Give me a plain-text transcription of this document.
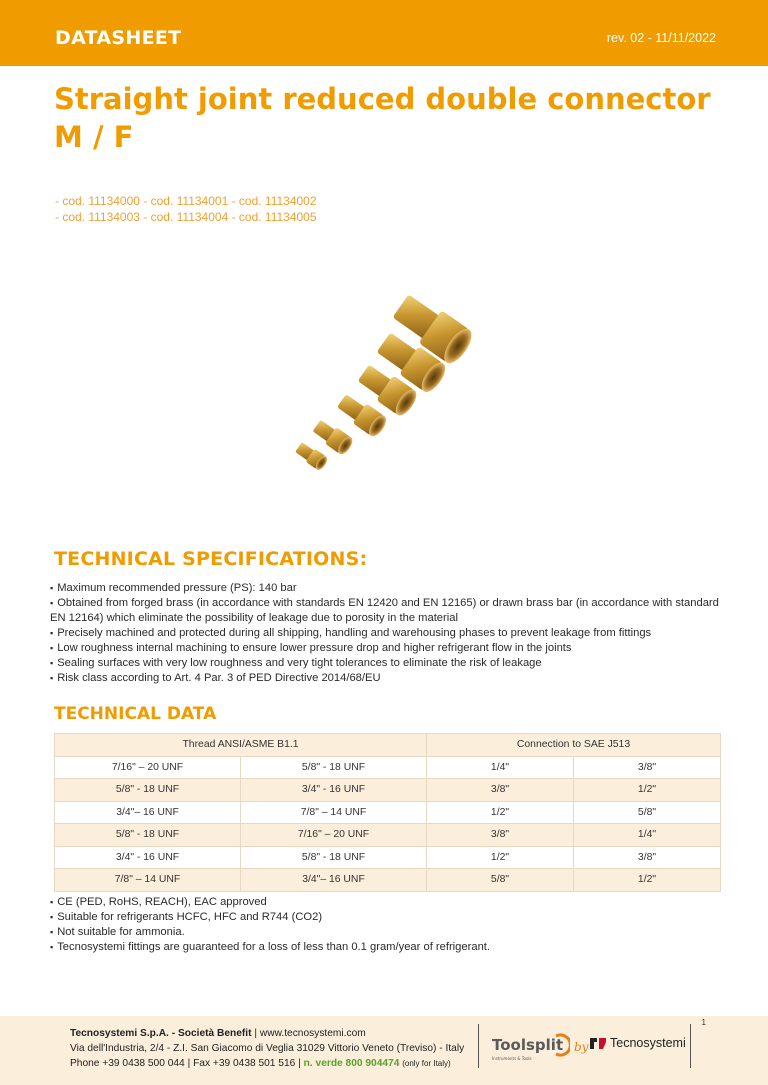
DATASHEET	rev. 02 - 11/11/2022
Straight joint reduced double connector
M / F
- cod. 11134000 - cod. 11134001 - cod. 11134002
- cod. 11134003 - cod. 11134004 - cod. 11134005
TECHNICAL SPECIFICATIONS:
▪ Maximum recommended pressure (PS): 140 bar
▪ Obtained from forged brass (in accordance with standards EN 12420 and EN 12165) or drawn brass bar (in accordance with standard EN 12164) which eliminate the possibility of leakage due to porosity in the material
▪ Precisely machined and protected during all shipping, handling and warehousing phases to prevent leakage from fittings
▪ Low roughness internal machining to ensure lower pressure drop and higher refrigerant flow in the joints
▪ Sealing surfaces with very low roughness and very tight tolerances to eliminate the risk of leakage
▪ Risk class according to Art. 4 Par. 3 of PED Directive 2014/68/EU
TECHNICAL DATA
Thread ANSI/ASME B1.1		Connection to SAE J513	
7/16" – 20 UNF	5/8" - 18 UNF	1/4"	3/8"
5/8" - 18 UNF	3/4" - 16 UNF	3/8"	1/2"
3/4"– 16 UNF	7/8" – 14 UNF	1/2"	5/8"
5/8" - 18 UNF	7/16" – 20 UNF	3/8"	1/4"
3/4" - 16 UNF	5/8" - 18 UNF	1/2"	3/8"
7/8" – 14 UNF	3/4"– 16 UNF	5/8"	1/2"
▪ CE (PED, RoHS, REACH), EAC approved
▪ Suitable for refrigerants HCFC, HFC and R744 (CO2)
▪ Not suitable for ammonia.
▪ Tecnosystemi fittings are guaranteed for a loss of less than 0.1 gram/year of refrigerant.
1
Tecnosystemi S.p.A. - Società Benefit | www.tecnosystemi.com
Via dell'Industria, 2/4 - Z.I. San Giacomo di Veglia 31029 Vittorio Veneto (Treviso) - Italy
Phone +39 0438 500 044 | Fax +39 0438 501 516 | n. verde 800 904474 (only for Italy)
Toolsplit
Instruments & Tools
by Tecnosystemi
